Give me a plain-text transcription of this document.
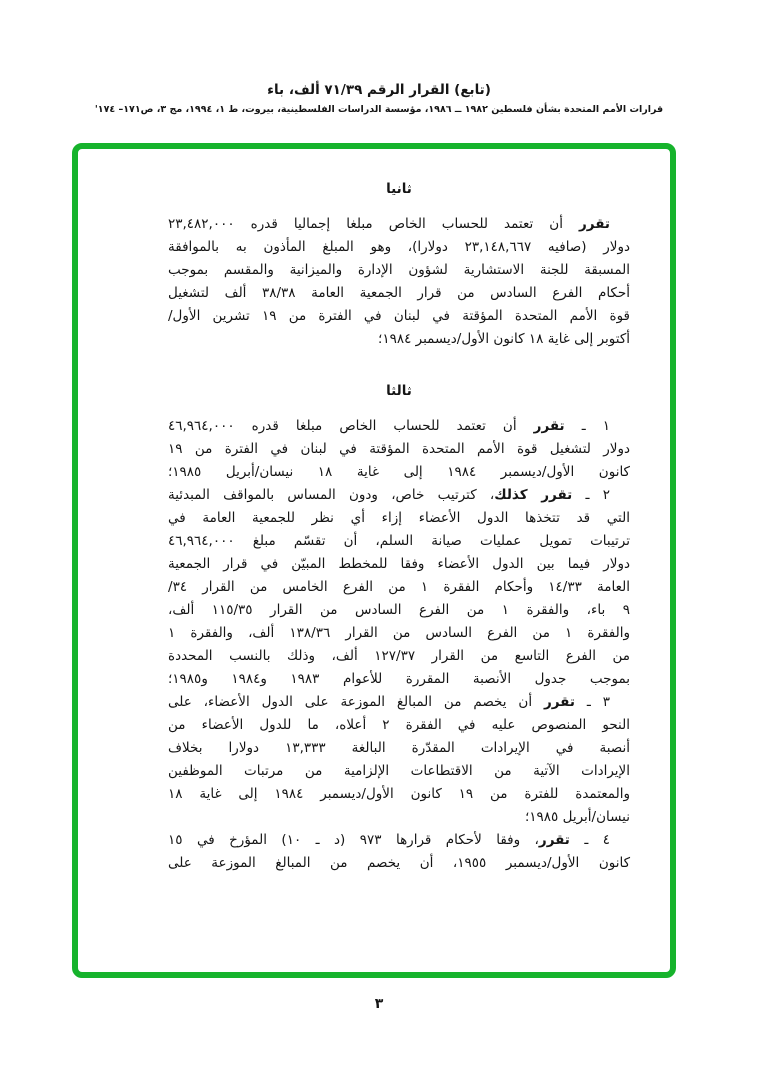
(تابع) القرار الرقم ٧١/٣٩ ألف، باء
قرارات الأمم المتحدة بشأن فلسطين ١٩٨٢ ــ ١٩٨٦، مؤسسة الدراسات الفلسطينية، بيروت، ط ١، ١٩٩٤، مج ٣، ص١٧١– ١٧٤'
ثانيا
تقرر أن تعتمد للحساب الخاص مبلغا إجماليا قدره ٢٣,٤٨٢,٠٠٠
دولار (صافيه ٢٣,١٤٨,٦٦٧ دولارا)، وهو المبلغ المأذون به بالموافقة
المسبقة للجنة الاستشارية لشؤون الإدارة والميزانية والمقسم بموجب
أحكام الفرع السادس من قرار الجمعية العامة ٣٨/٣٨ ألف لتشغيل
قوة الأمم المتحدة المؤقتة في لبنان في الفترة من ١٩ تشرين الأول/
أكتوبر إلى غاية ١٨ كانون الأول/ديسمبر ١٩٨٤؛
ثالثا
١ ـ تقرر أن تعتمد للحساب الخاص مبلغا قدره ٤٦,٩٦٤,٠٠٠
دولار لتشغيل قوة الأمم المتحدة المؤقتة في لبنان في الفترة من ١٩
كانون الأول/ديسمبر ١٩٨٤ إلى غاية ١٨ نيسان/أبريل ١٩٨٥؛
٢ ـ تقرر كذلك، كترتيب خاص، ودون المساس بالمواقف المبدئية
التي قد تتخذها الدول الأعضاء إزاء أي نظر للجمعية العامة في
ترتيبات تمويل عمليات صيانة السلم، أن تقسّم مبلغ ٤٦,٩٦٤,٠٠٠
دولار فيما بين الدول الأعضاء وفقا للمخطط المبيّن في قرار الجمعية
العامة ١٤/٣٣ وأحكام الفقرة ١ من الفرع الخامس من القرار ٣٤/
٩ باء، والفقرة ١ من الفرع السادس من القرار ١١٥/٣٥ ألف،
والفقرة ١ من الفرع السادس من القرار ١٣٨/٣٦ ألف، والفقرة ١
من الفرع التاسع من القرار ١٢٧/٣٧ ألف، وذلك بالنسب المحددة
بموجب جدول الأنصبة المقررة للأعوام ١٩٨٣ و١٩٨٤ و١٩٨٥؛
٣ ـ تقرر أن يخصم من المبالغ الموزعة على الدول الأعضاء، على
النحو المنصوص عليه في الفقرة ٢ أعلاه، ما للدول الأعضاء من
أنصبة في الإيرادات المقدّرة البالغة ١٣,٣٣٣ دولارا بخلاف
الإيرادات الآتية من الاقتطاعات الإلزامية من مرتبات الموظفين
والمعتمدة للفترة من ١٩ كانون الأول/ديسمبر ١٩٨٤ إلى غاية ١٨
نيسان/أبريل ١٩٨٥؛
٤ ـ تقرر، وفقا لأحكام قرارها ٩٧٣ (د ـ ١٠) المؤرخ في ١٥
كانون الأول/ديسمبر ١٩٥٥، أن يخصم من المبالغ الموزعة على
٣
